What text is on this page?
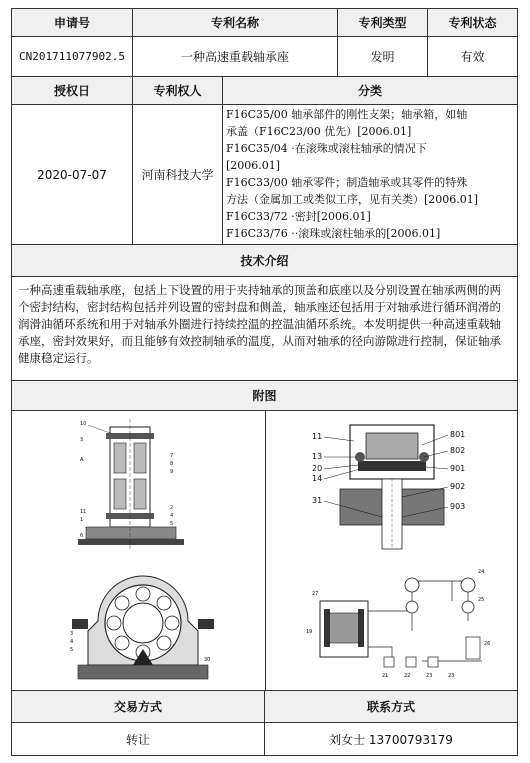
申请号	专利名称	专利类型	专利状态
CN201711077902.5	一种高速重载轴承座	发明	有效
授权日	专利权人	分类
2020-07-07	河南科技大学
F16C35/00 轴承部件的刚性支架；轴承箱，如轴
承盖（F16C23/00 优先）[2006.01]
F16C35/04 ·在滚珠或滚柱轴承的情况下
[2006.01]
F16C33/00 轴承零件；制造轴承或其零件的特殊
方法（金属加工或类似工序，见有关类）[2006.01]
F16C33/72 ·密封[2006.01]
F16C33/76 ··滚珠或滚柱轴承的[2006.01]
技术介绍
一种高速重载轴承座，包括上下设置的用于夹持轴承的顶盖和底座以及分别设置在轴承两侧的两个密封结构，密封结构包括并列设置的密封盘和侧盖，轴承座还包括用于对轴承进行循环润滑的润滑油循环系统和用于对轴承外圈进行持续控温的控温油循环系统。本发明提供一种高速重载轴承座，密封效果好，而且能够有效控制轴承的温度，从而对轴承的径向游隙进行控制，保证轴承健康稳定运行。
附图
10
3
A
7
8
9
11
1
2
4
5
6
11
13
20
14
31
801
802
901
902
903
3
4
5
30
27
19
24
25
26
21	22	23	23
交易方式	联系方式
转让	刘女士 13700793179
